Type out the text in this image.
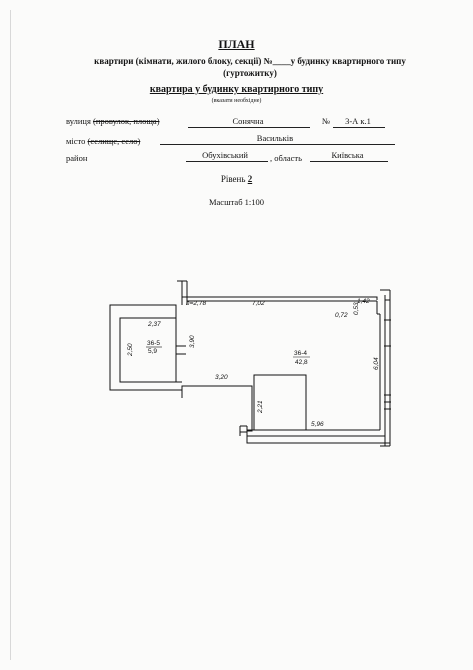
ПЛАН
квартири (кімнати, жилого блоку, секції) №____у будинку квартирного типу
(гуртожитку)
квартира у будинку квартирного типу
(вказати необхідне)
вулиця (провулок, площа)	Сонячна	№	3-А к.1
місто (селище, село)	Васильків
район	Обухівський	, область	Київська
Рівень 2
Масштаб 1:100
h=2,78	7,02	1,42
0,72
2,37
3,20
5,96
2,50
3,90
2,21
6,04
0,53
36-5
5,9	36-4
42,8
